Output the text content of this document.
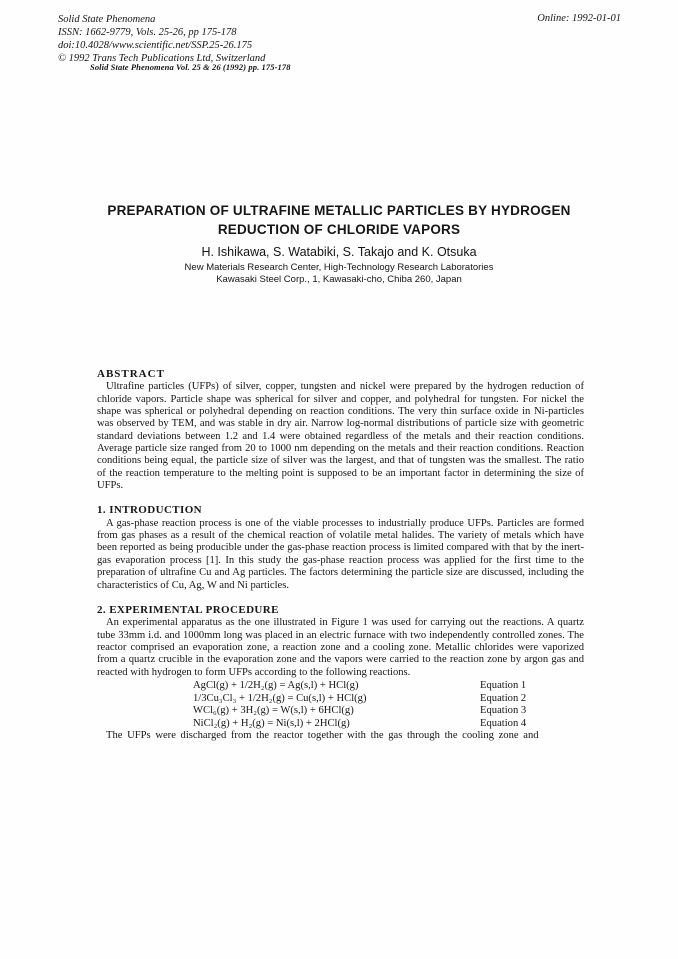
Solid State Phenomena
ISSN: 1662-9779, Vols. 25-26, pp 175-178
doi:10.4028/www.scientific.net/SSP.25-26.175
© 1992 Trans Tech Publications Ltd, Switzerland
Online: 1992-01-01
Solid State Phenomena Vol. 25 & 26 (1992) pp. 175-178
PREPARATION OF ULTRAFINE METALLIC PARTICLES BY HYDROGEN
REDUCTION OF CHLORIDE VAPORS
H. Ishikawa, S. Watabiki, S. Takajo and K. Otsuka
New Materials Research Center, High-Technology Research Laboratories
Kawasaki Steel Corp., 1, Kawasaki-cho, Chiba 260, Japan
ABSTRACT
Ultrafine particles (UFPs) of silver, copper, tungsten and nickel were prepared by the hydrogen reduction of chloride vapors. Particle shape was spherical for silver and copper, and polyhedral for tungsten. For nickel the shape was spherical or polyhedral depending on reaction conditions. The very thin surface oxide in Ni-particles was observed by TEM, and was stable in dry air. Narrow log-normal distributions of particle size with geometric standard deviations between 1.2 and 1.4 were obtained regardless of the metals and their reaction conditions. Average particle size ranged from 20 to 1000 nm depending on the metals and their reaction conditions. Reaction conditions being equal, the particle size of silver was the largest, and that of tungsten was the smallest. The ratio of the reaction temperature to the melting point is supposed to be an important factor in determining the size of UFPs.
1. INTRODUCTION
A gas-phase reaction process is one of the viable processes to industrially produce UFPs. Particles are formed from gas phases as a result of the chemical reaction of volatile metal halides. The variety of metals which have been reported as being producible under the gas-phase reaction process is limited compared with that by the inert-gas evaporation process [1]. In this study the gas-phase reaction process was applied for the first time to the preparation of ultrafine Cu and Ag particles. The factors determining the particle size are discussed, including the characteristics of Cu, Ag, W and Ni particles.
2. EXPERIMENTAL PROCEDURE
An experimental apparatus as the one illustrated in Figure 1 was used for carrying out the reactions. A quartz tube 33mm i.d. and 1000mm long was placed in an electric furnace with two independently controlled zones. The reactor comprised an evaporation zone, a reaction zone and a cooling zone. Metallic chlorides were vaporized from a quartz crucible in the evaporation zone and the vapors were carried to the reaction zone by argon gas and reacted with hydrogen to form UFPs according to the following reactions.
AgCl(g) + 1/2H₂(g) = Ag(s,l) + HCl(g)	Equation 1
1/3Cu₃Cl₃ + 1/2H₂(g) = Cu(s,l) + HCl(g)	Equation 2
WCl₆(g) + 3H₂(g) = W(s,l) + 6HCl(g)	Equation 3
NiCl₂(g) + H₂(g) = Ni(s,l) + 2HCl(g)	Equation 4
The UFPs were discharged from the reactor together with the gas through the cooling zone and
